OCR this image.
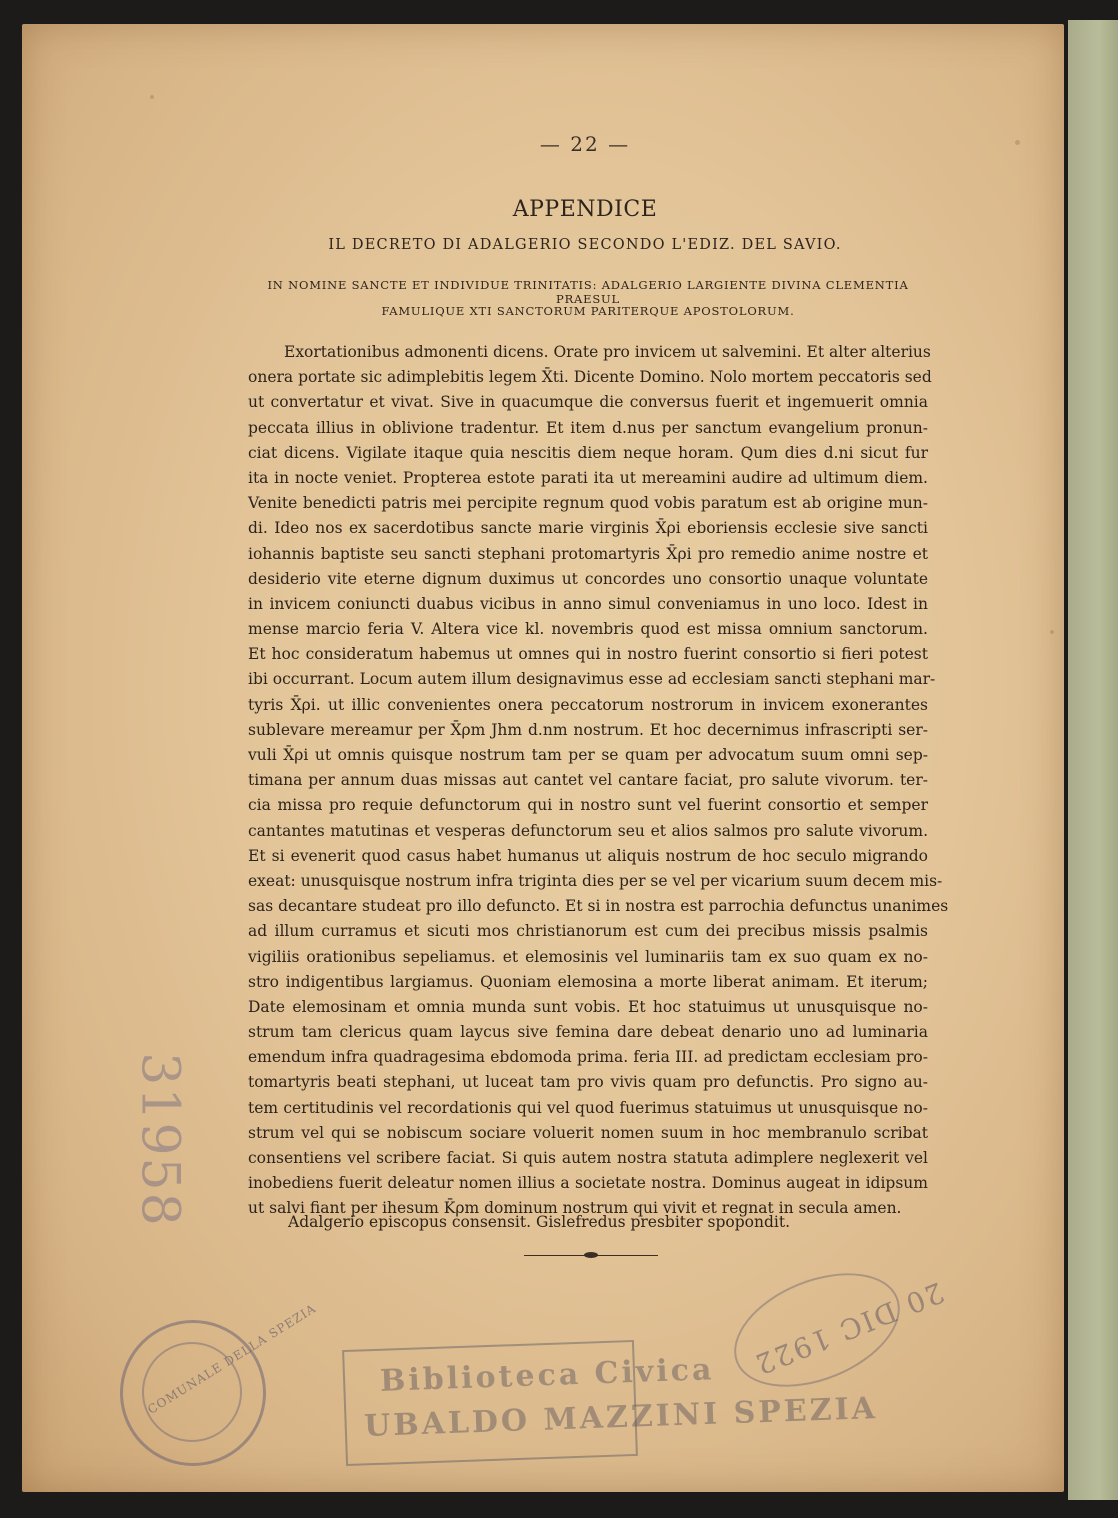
— 22 —
APPENDICE
IL DECRETO DI ADALGERIO SECONDO L'EDIZ. DEL SAVIO.
IN NOMINE SANCTE ET INDIVIDUE TRINITATIS: ADALGERIO LARGIENTE DIVINA CLEMENTIA PRAESUL
FAMULIQUE XTI SANCTORUM PARITERQUE APOSTOLORUM.
Exortationibus admonenti dicens. Orate pro invicem ut salvemini. Et alter alterius
onera portate sic adimplebitis legem X̄ti. Dicente Domino. Nolo mortem peccatoris sed
ut convertatur et vivat. Sive in quacumque die conversus fuerit et ingemuerit omnia
peccata illius in oblivione tradentur. Et item d.nus per sanctum evangelium pronun-
ciat dicens. Vigilate itaque quia nescitis diem neque horam. Qum dies d.ni sicut fur
ita in nocte veniet. Propterea estote parati ita ut mereamini audire ad ultimum diem.
Venite benedicti patris mei percipite regnum quod vobis paratum est ab origine mun-
di. Ideo nos ex sacerdotibus sancte marie virginis X̄ρi eboriensis ecclesie sive sancti
iohannis baptiste seu sancti stephani protomartyris X̄ρi pro remedio anime nostre et
desiderio vite eterne dignum duximus ut concordes uno consortio unaque voluntate
in invicem coniuncti duabus vicibus in anno simul conveniamus in uno loco. Idest in
mense marcio feria V. Altera vice kl. novembris quod est missa omnium sanctorum.
Et hoc consideratum habemus ut omnes qui in nostro fuerint consortio si fieri potest
ibi occurrant. Locum autem illum designavimus esse ad ecclesiam sancti stephani mar-
tyris X̄ρi. ut illic convenientes onera peccatorum nostrorum in invicem exonerantes
sublevare mereamur per X̄ρm Jhm d.nm nostrum. Et hoc decernimus infrascripti ser-
vuli X̄ρi ut omnis quisque nostrum tam per se quam per advocatum suum omni sep-
timana per annum duas missas aut cantet vel cantare faciat, pro salute vivorum. ter-
cia missa pro requie defunctorum qui in nostro sunt vel fuerint consortio et semper
cantantes matutinas et vesperas defunctorum seu et alios salmos pro salute vivorum.
Et si evenerit quod casus habet humanus ut aliquis nostrum de hoc seculo migrando
exeat: unusquisque nostrum infra triginta dies per se vel per vicarium suum decem mis-
sas decantare studeat pro illo defuncto. Et si in nostra est parrochia defunctus unanimes
ad illum curramus et sicuti mos christianorum est cum dei precibus missis psalmis
vigiliis orationibus sepeliamus. et elemosinis vel luminariis tam ex suo quam ex no-
stro indigentibus largiamus. Quoniam elemosina a morte liberat animam. Et iterum;
Date elemosinam et omnia munda sunt vobis. Et hoc statuimus ut unusquisque no-
strum tam clericus quam laycus sive femina dare debeat denario uno ad luminaria
emendum infra quadragesima ebdomoda prima. feria III. ad predictam ecclesiam pro-
tomartyris beati stephani, ut luceat tam pro vivis quam pro defunctis. Pro signo au-
tem certitudinis vel recordationis qui vel quod fuerimus statuimus ut unusquisque no-
strum vel qui se nobiscum sociare voluerit nomen suum in hoc membranulo scribat
consentiens vel scribere faciat. Si quis autem nostra statuta adimplere neglexerit vel
inobediens fuerit deleatur nomen illius a societate nostra. Dominus augeat in idipsum
ut salvi fiant per ihesum K̄ρm dominum nostrum qui vivit et regnat in secula amen.
Adalgerio episcopus consensit. Gislefredus presbiter spopondit.
31958
COMUNALE DELLA SPEZIA Biblioteca Civica
UBALDO MAZZINI SPEZIA
20 DIC 1922
